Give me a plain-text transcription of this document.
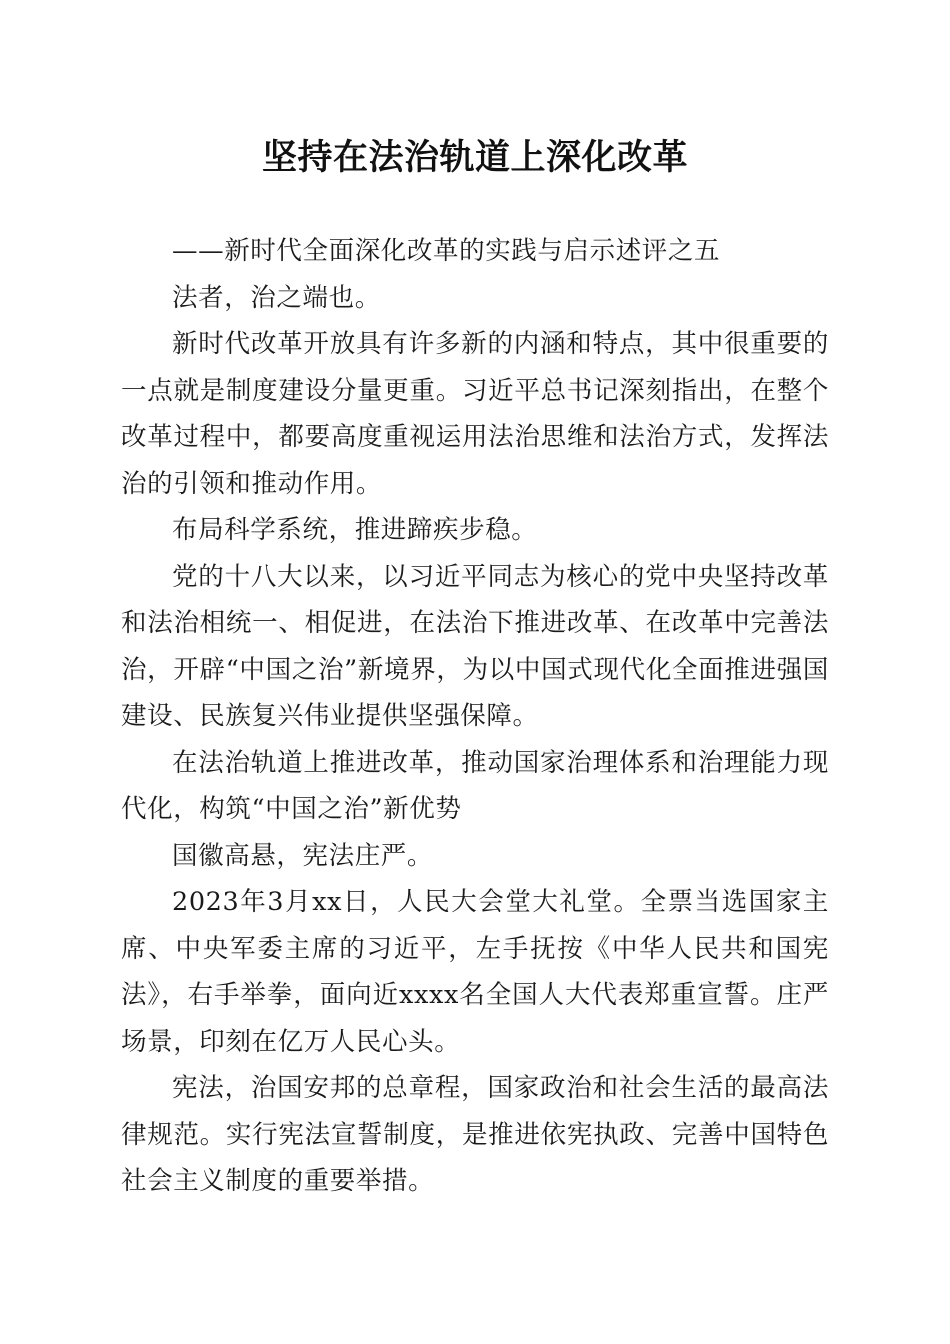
坚持在法治轨道上深化改革

——新时代全面深化改革的实践与启示述评之五

法者，治之端也。

新时代改革开放具有许多新的内涵和特点，其中很重要的一点就是制度建设分量更重。习近平总书记深刻指出，在整个改革过程中，都要高度重视运用法治思维和法治方式，发挥法治的引领和推动作用。

布局科学系统，推进蹄疾步稳。

党的十八大以来，以习近平同志为核心的党中央坚持改革和法治相统一、相促进，在法治下推进改革、在改革中完善法治，开辟“中国之治”新境界，为以中国式现代化全面推进强国建设、民族复兴伟业提供坚强保障。

在法治轨道上推进改革，推动国家治理体系和治理能力现代化，构筑“中国之治”新优势

国徽高悬，宪法庄严。

2023年3月xx日，人民大会堂大礼堂。全票当选国家主席、中央军委主席的习近平，左手抚按《中华人民共和国宪法》，右手举拳，面向近xxxx名全国人大代表郑重宣誓。庄严场景，印刻在亿万人民心头。

宪法，治国安邦的总章程，国家政治和社会生活的最高法律规范。实行宪法宣誓制度，是推进依宪执政、完善中国特色社会主义制度的重要举措。
